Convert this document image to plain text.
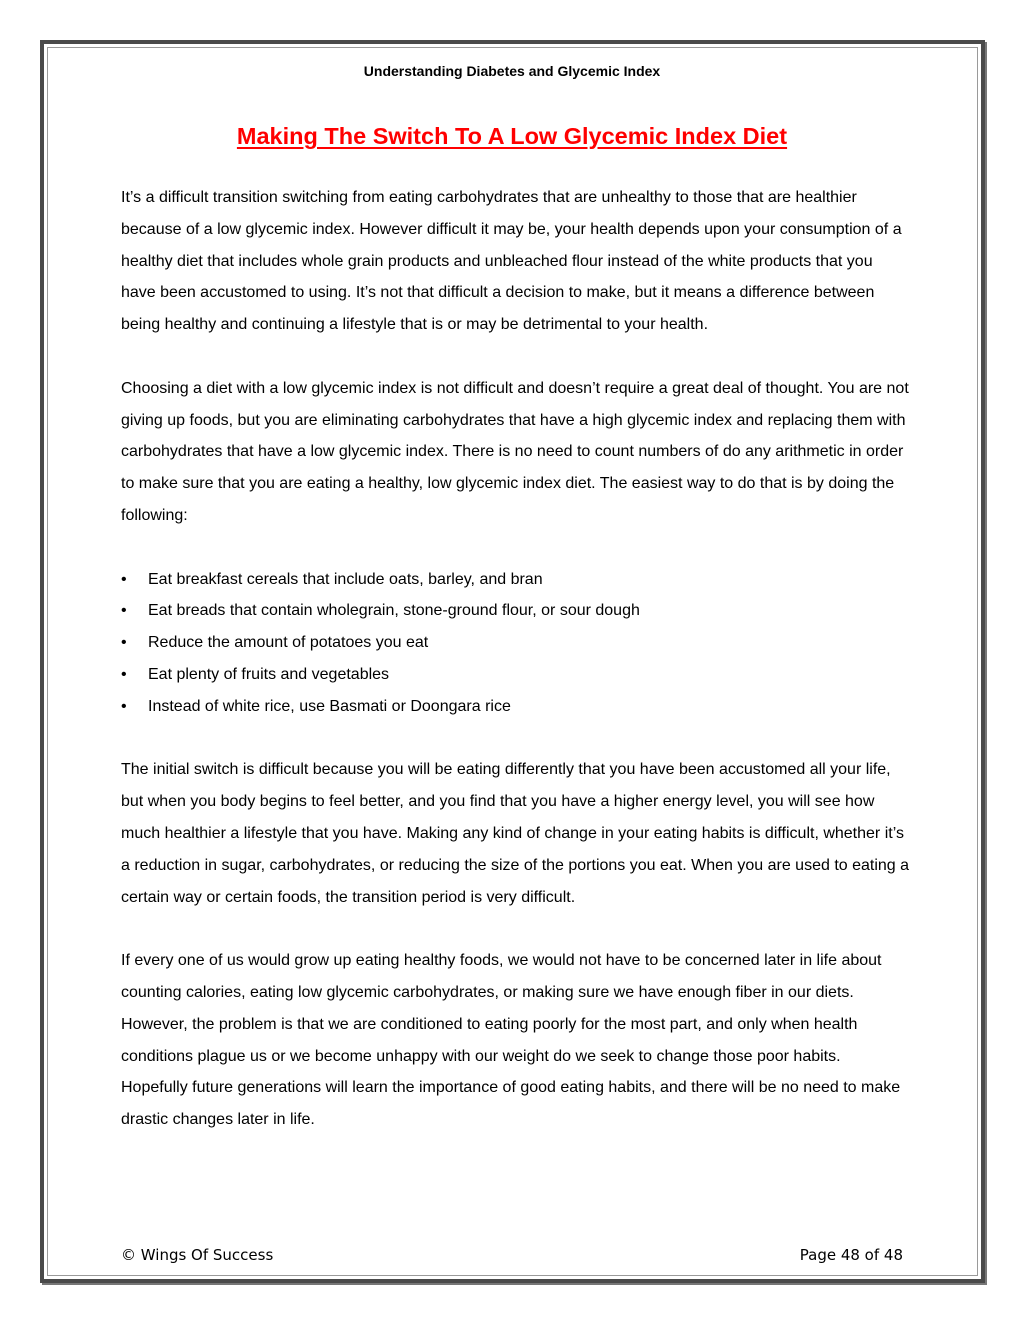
Understanding Diabetes and Glycemic Index
Making The Switch To A Low Glycemic Index Diet

It’s a difficult transition switching from eating carbohydrates that are unhealthy to those that are healthier because of a low glycemic index. However difficult it may be, your health depends upon your consumption of a healthy diet that includes whole grain products and unbleached flour instead of the white products that you have been accustomed to using. It’s not that difficult a decision to make, but it means a difference between being healthy and continuing a lifestyle that is or may be detrimental to your health.

Choosing a diet with a low glycemic index is not difficult and doesn’t require a great deal of thought. You are not giving up foods, but you are eliminating carbohydrates that have a high glycemic index and replacing them with carbohydrates that have a low glycemic index. There is no need to count numbers of do any arithmetic in order to make sure that you are eating a healthy, low glycemic index diet. The easiest way to do that is by doing the following:

• Eat breakfast cereals that include oats, barley, and bran
• Eat breads that contain wholegrain, stone-ground flour, or sour dough
• Reduce the amount of potatoes you eat
• Eat plenty of fruits and vegetables
• Instead of white rice, use Basmati or Doongara rice

The initial switch is difficult because you will be eating differently that you have been accustomed all your life, but when you body begins to feel better, and you find that you have a higher energy level, you will see how much healthier a lifestyle that you have. Making any kind of change in your eating habits is difficult, whether it’s a reduction in sugar, carbohydrates, or reducing the size of the portions you eat. When you are used to eating a certain way or certain foods, the transition period is very difficult.

If every one of us would grow up eating healthy foods, we would not have to be concerned later in life about counting calories, eating low glycemic carbohydrates, or making sure we have enough fiber in our diets. However, the problem is that we are conditioned to eating poorly for the most part, and only when health conditions plague us or we become unhappy with our weight do we seek to change those poor habits. Hopefully future generations will learn the importance of good eating habits, and there will be no need to make drastic changes later in life.

© Wings Of Success	Page 48 of 48
